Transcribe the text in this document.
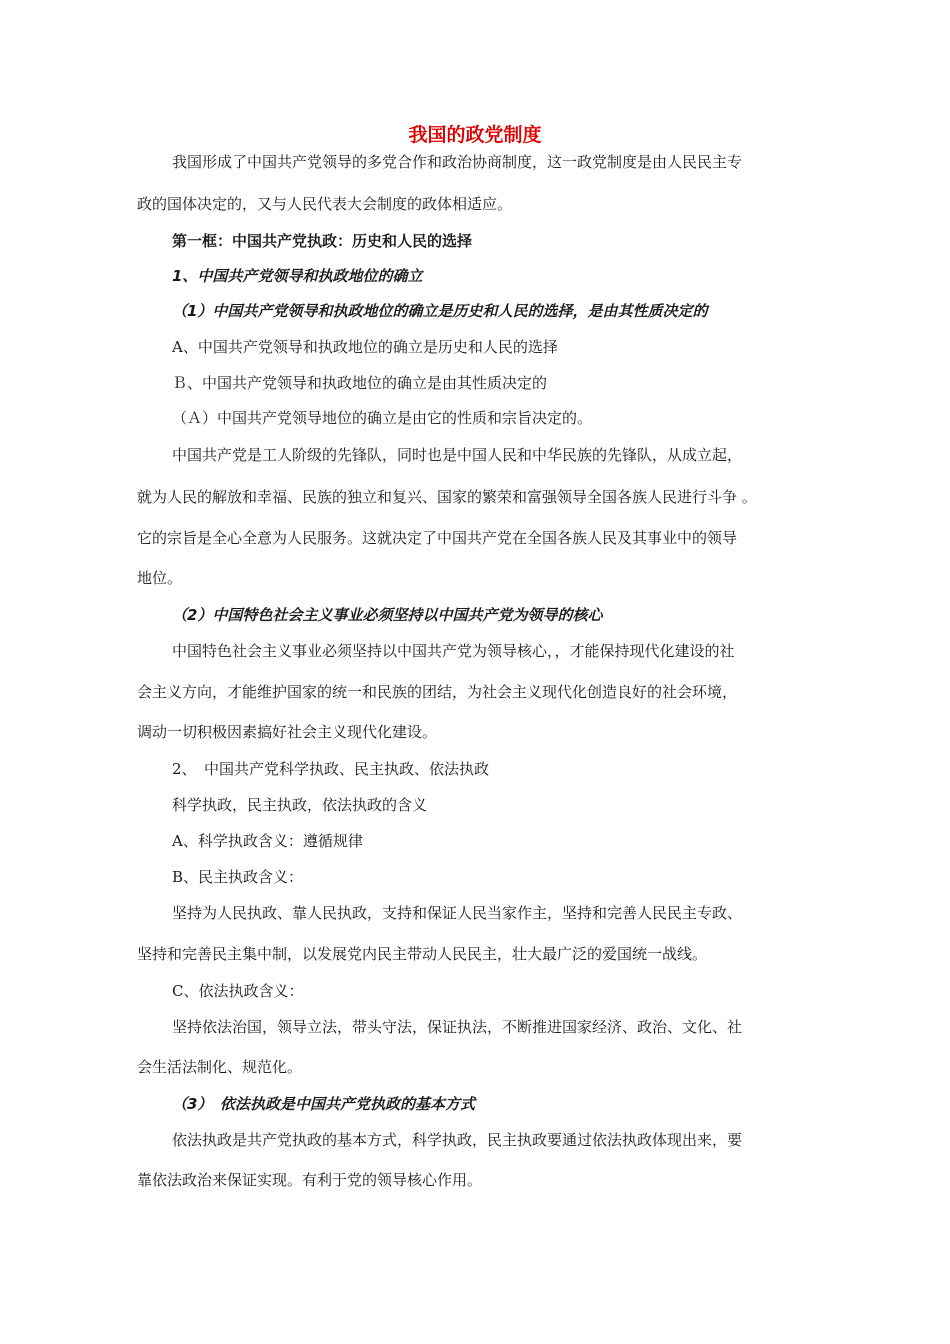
我国的政党制度
我国形成了中国共产党领导的多党合作和政治协商制度，这一政党制度是由人民民主专
政的国体决定的，又与人民代表大会制度的政体相适应。
第一框：中国共产党执政：历史和人民的选择
1、中国共产党领导和执政地位的确立
（1）中国共产党领导和执政地位的确立是历史和人民的选择，是由其性质决定的
A、中国共产党领导和执政地位的确立是历史和人民的选择
Ｂ、中国共产党领导和执政地位的确立是由其性质决定的
（Ａ）中国共产党领导地位的确立是由它的性质和宗旨决定的。
中国共产党是工人阶级的先锋队，同时也是中国人民和中华民族的先锋队，从成立起，
就为人民的解放和幸福、民族的独立和复兴、国家的繁荣和富强领导全国各族人民进行斗争 。
它的宗旨是全心全意为人民服务。这就决定了中国共产党在全国各族人民及其事业中的领导
地位。
（2）中国特色社会主义事业必须坚持以中国共产党为领导的核心
中国特色社会主义事业必须坚持以中国共产党为领导核心，，才能保持现代化建设的社
会主义方向，才能维护国家的统一和民族的团结，为社会主义现代化创造良好的社会环境，
调动一切积极因素搞好社会主义现代化建设。
2、　中国共产党科学执政、民主执政、依法执政
科学执政，民主执政，依法执政的含义
A、科学执政含义：遵循规律
B、民主执政含义：
坚持为人民执政、靠人民执政，支持和保证人民当家作主，坚持和完善人民民主专政、
坚持和完善民主集中制，以发展党内民主带动人民民主，壮大最广泛的爱国统一战线。
C、依法执政含义：
坚持依法治国，领导立法，带头守法，保证执法，不断推进国家经济、政治、文化、社
会生活法制化、规范化。
（3）　依法执政是中国共产党执政的基本方式
依法执政是共产党执政的基本方式，科学执政，民主执政要通过依法执政体现出来，要
靠依法政治来保证实现。有利于党的领导核心作用。
